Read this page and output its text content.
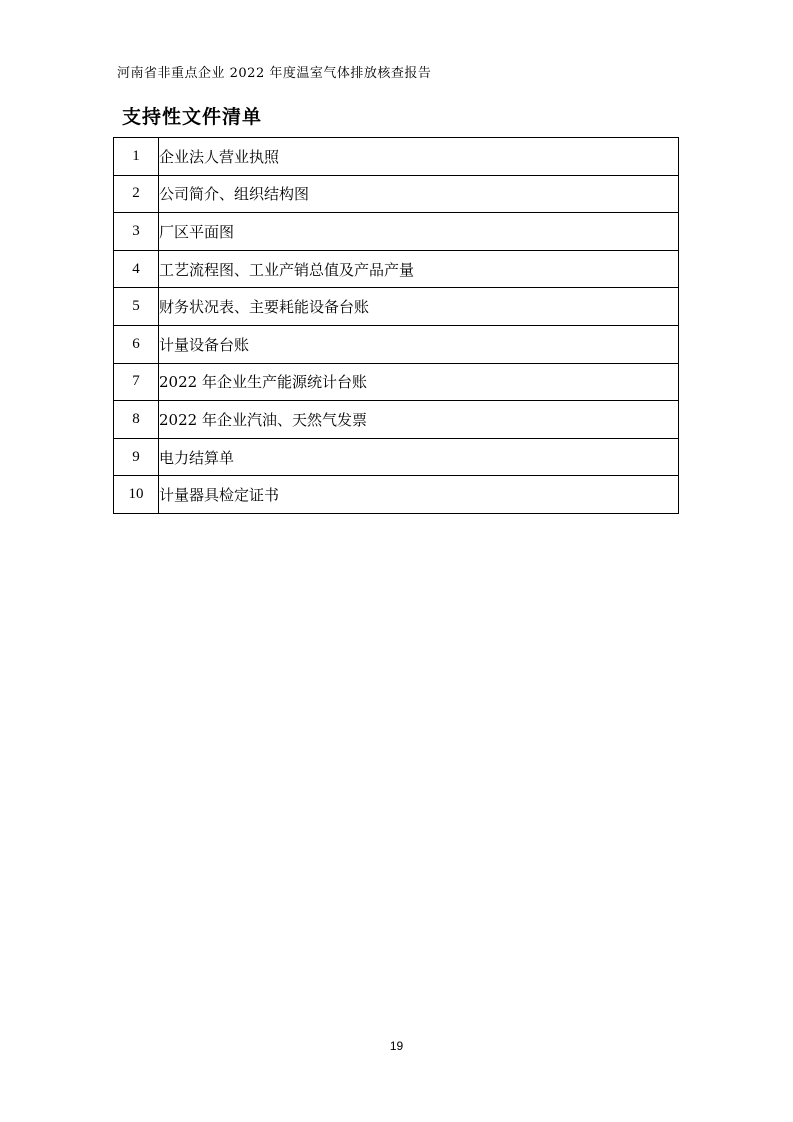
河南省非重点企业 2022 年度温室气体排放核查报告
支持性文件清单
1	企业法人营业执照
2	公司简介、组织结构图
3	厂区平面图
4	工艺流程图、工业产销总值及产品产量
5	财务状况表、主要耗能设备台账
6	计量设备台账
7	2022 年企业生产能源统计台账
8	2022 年企业汽油、天然气发票
9	电力结算单
10	计量器具检定证书
19
